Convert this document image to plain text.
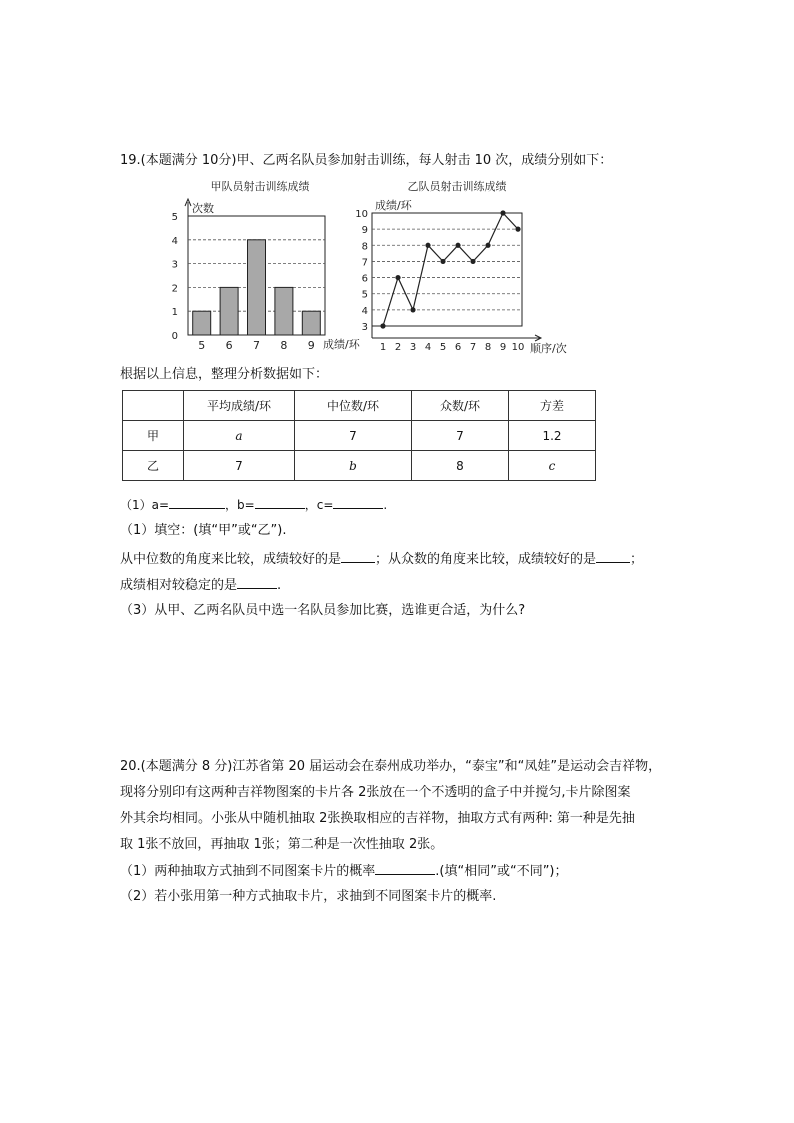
19.(本题满分 10分)甲、乙两名队员参加射击训练，每人射击 10 次，成绩分别如下：
甲队员射击训练成绩
0
1
2
3
4
5
次数
成绩/环
5 6 7 8 9
乙队员射击训练成绩
3
4
5
6
7
8
9
10
顺序/次
成绩/环
1 2 3 4 5 6 7 8 9 10
根据以上信息，整理分析数据如下：
	平均成绩/环	中位数/环	众数/环	方差
甲	a	7	7	1.2
乙	7	b	8	c
（1）a=	，b=	，c=	.
（1）填空：(填“甲”或“乙”).
从中位数的角度来比较，成绩较好的是	；从众数的角度来比较，成绩较好的是	；
成绩相对较稳定的是	.
（3）从甲、乙两名队员中选一名队员参加比赛，选谁更合适，为什么?
20.(本题满分 8 分)江苏省第 20 届运动会在泰州成功举办，“泰宝”和“凤娃”是运动会吉祥物，
现将分别印有这两种吉祥物图案的卡片各 2张放在一个不透明的盒子中并搅匀,卡片除图案
外其余均相同。小张从中随机抽取 2张换取相应的吉祥物，抽取方式有两种: 第一种是先抽
取 1张不放回，再抽取 1张；第二种是一次性抽取 2张。
（1）两种抽取方式抽到不同图案卡片的概率	.(填“相同”或“不同”)；
（2）若小张用第一种方式抽取卡片，求抽到不同图案卡片的概率.
